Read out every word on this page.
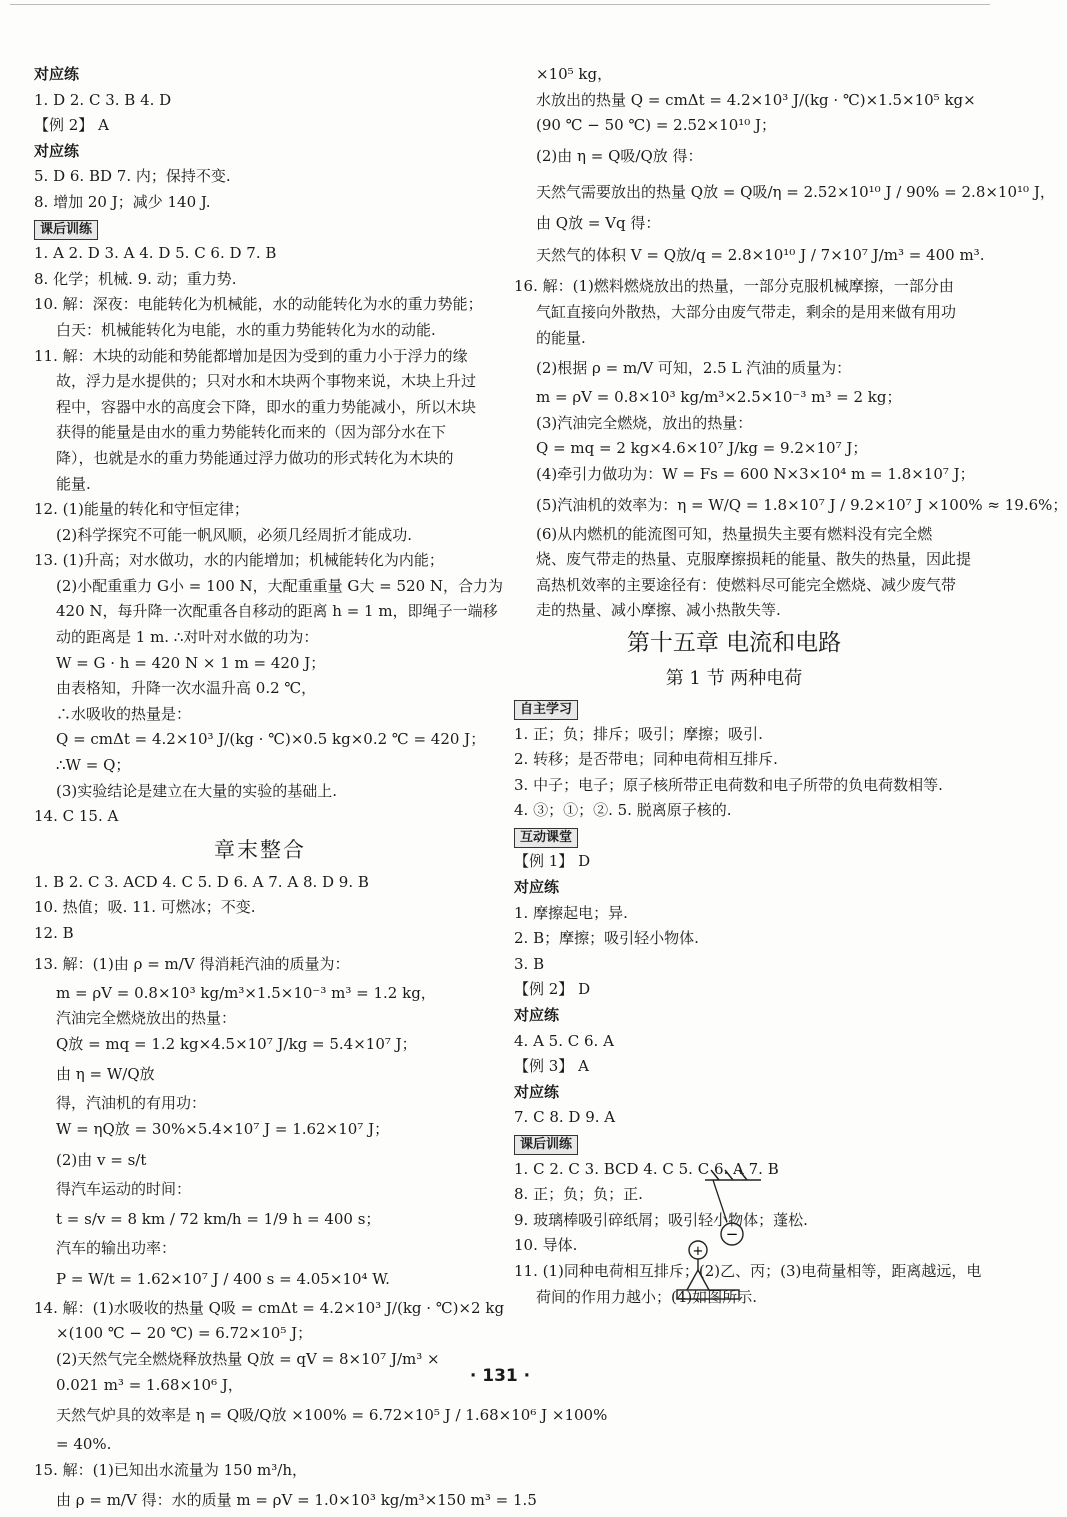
对应练
1. D 2. C 3. B 4. D
【例 2】 A
对应练
5. D 6. BD 7. 内；保持不变.
8. 增加 20 J；减少 140 J.
课后训练
1. A 2. D 3. A 4. D 5. C 6. D 7. B
8. 化学；机械. 9. 动；重力势.
10. 解：深夜：电能转化为机械能，水的动能转化为水的重力势能；
白天：机械能转化为电能，水的重力势能转化为水的动能.
11. 解：木块的动能和势能都增加是因为受到的重力小于浮力的缘
故，浮力是水提供的；只对水和木块两个事物来说，木块上升过
程中，容器中水的高度会下降，即水的重力势能减小，所以木块
获得的能量是由水的重力势能转化而来的（因为部分水在下
降），也就是水的重力势能通过浮力做功的形式转化为木块的
能量.
12. (1)能量的转化和守恒定律；
(2)科学探究不可能一帆风顺，必须几经周折才能成功.
13. (1)升高；对水做功，水的内能增加；机械能转化为内能；
(2)小配重重力 G小 = 100 N，大配重重量 G大 = 520 N，合力为
420 N，每升降一次配重各自移动的距离 h = 1 m，即绳子一端移
动的距离是 1 m. ∴对叶对水做的功为：
W = G · h = 420 N × 1 m = 420 J；
由表格知，升降一次水温升高 0.2 ℃，
∴水吸收的热量是：
Q = cmΔt = 4.2×10³ J/(kg · ℃)×0.5 kg×0.2 ℃ = 420 J；
∴W = Q；
(3)实验结论是建立在大量的实验的基础上.
14. C 15. A
章末整合
1. B 2. C 3. ACD 4. C 5. D 6. A 7. A 8. D 9. B
10. 热值；吸. 11. 可燃冰；不变.
12. B
13. 解：(1)由 ρ = m/V 得消耗汽油的质量为：
m = ρV = 0.8×10³ kg/m³×1.5×10⁻³ m³ = 1.2 kg，
汽油完全燃烧放出的热量：
Q放 = mq = 1.2 kg×4.5×10⁷ J/kg = 5.4×10⁷ J；
由 η = W/Q放
得，汽油机的有用功：
W = ηQ放 = 30%×5.4×10⁷ J = 1.62×10⁷ J；
(2)由 v = s/t
得汽车运动的时间：
t = s/v = 8 km / 72 km/h = 1/9 h = 400 s；
汽车的输出功率：
P = W/t = 1.62×10⁷ J / 400 s = 4.05×10⁴ W.
14. 解：(1)水吸收的热量 Q吸 = cmΔt = 4.2×10³ J/(kg · ℃)×2 kg
×(100 ℃ − 20 ℃) = 6.72×10⁵ J；
(2)天然气完全燃烧释放热量 Q放 = qV = 8×10⁷ J/m³ ×
0.021 m³ = 1.68×10⁶ J，
天然气炉具的效率是 η = Q吸/Q放 ×100% = 6.72×10⁵ J / 1.68×10⁶ J ×100%
= 40%.
15. 解：(1)已知出水流量为 150 m³/h，
由 ρ = m/V 得：水的质量 m = ρV = 1.0×10³ kg/m³×150 m³ = 1.5
×10⁵ kg，
水放出的热量 Q = cmΔt = 4.2×10³ J/(kg · ℃)×1.5×10⁵ kg×
(90 ℃ − 50 ℃) = 2.52×10¹⁰ J；
(2)由 η = Q吸/Q放 得：
天然气需要放出的热量 Q放 = Q吸/η = 2.52×10¹⁰ J / 90% = 2.8×10¹⁰ J，
由 Q放 = Vq 得：
天然气的体积 V = Q放/q = 2.8×10¹⁰ J / 7×10⁷ J/m³ = 400 m³.
16. 解：(1)燃料燃烧放出的热量，一部分克服机械摩擦，一部分由
气缸直接向外散热，大部分由废气带走，剩余的是用来做有用功
的能量.
(2)根据 ρ = m/V 可知，2.5 L 汽油的质量为：
m = ρV = 0.8×10³ kg/m³×2.5×10⁻³ m³ = 2 kg；
(3)汽油完全燃烧，放出的热量：
Q = mq = 2 kg×4.6×10⁷ J/kg = 9.2×10⁷ J；
(4)牵引力做功为：W = Fs = 600 N×3×10⁴ m = 1.8×10⁷ J；
(5)汽油机的效率为：η = W/Q = 1.8×10⁷ J / 9.2×10⁷ J ×100% ≈ 19.6%；
(6)从内燃机的能流图可知，热量损失主要有燃料没有完全燃
烧、废气带走的热量、克服摩擦损耗的能量、散失的热量，因此提
高热机效率的主要途径有：使燃料尽可能完全燃烧、减少废气带
走的热量、减小摩擦、减小热散失等.
第十五章 电流和电路
第 1 节 两种电荷
自主学习
1. 正；负；排斥；吸引；摩擦；吸引.
2. 转移；是否带电；同种电荷相互排斥.
3. 中子；电子；原子核所带正电荷数和电子所带的负电荷数相等.
4. ③；①；②. 5. 脱离原子核的.
互动课堂
【例 1】 D
对应练
1. 摩擦起电；异.
2. B；摩擦；吸引轻小物体.
3. B
【例 2】 D
对应练
4. A 5. C 6. A
【例 3】 A
对应练
7. C 8. D 9. A
课后训练
1. C 2. C 3. BCD 4. C 5. C 6. A 7. B
8. 正；负；负；正.
9. 玻璃棒吸引碎纸屑；吸引轻小物体；蓬松.
10. 导体.
11. (1)同种电荷相互排斥；(2)乙、丙；(3)电荷量相等，距离越远，电
荷间的作用力越小；(4)如图所示.
−
+
· 131 ·
